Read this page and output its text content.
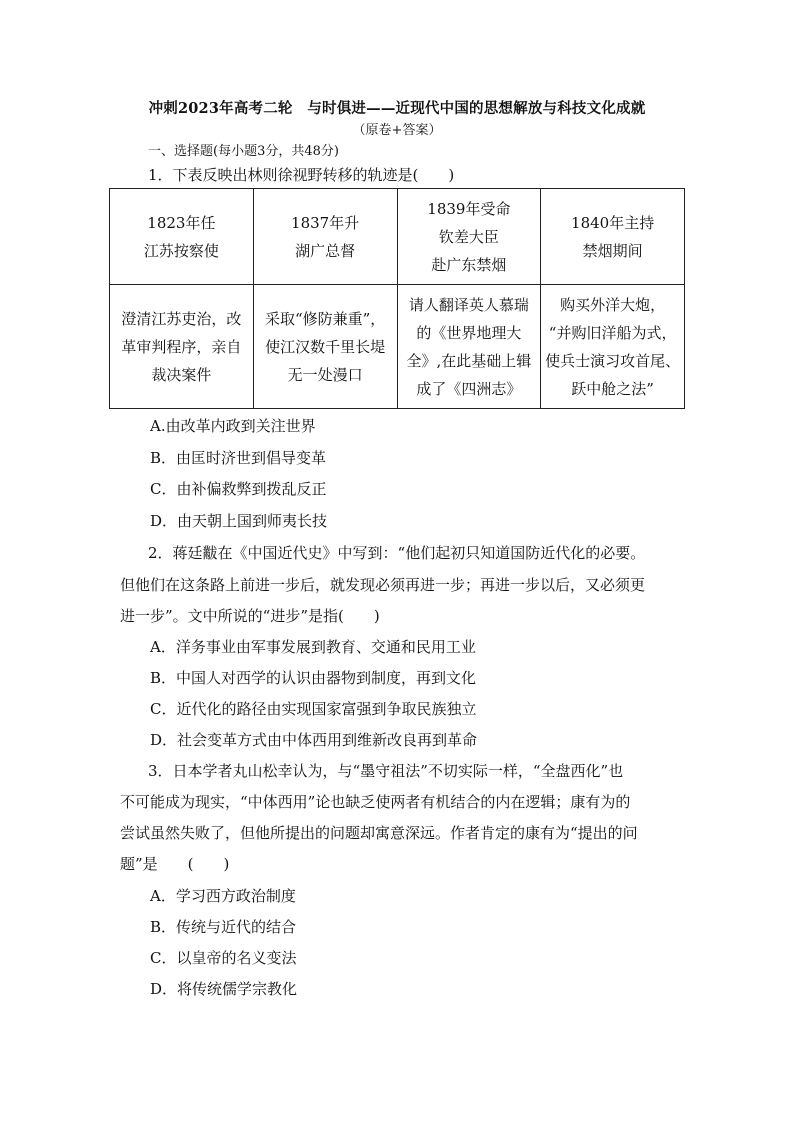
冲刺2023年高考二轮　与时俱进——近现代中国的思想解放与科技文化成就
（原卷+答案）
一、选择题(每小题3分，共48分)
1．下表反映出林则徐视野转移的轨迹是(　　)
1823年任
江苏按察使	1837年升
湖广总督	1839年受命
钦差大臣
赴广东禁烟	1840年主持
禁烟期间

澄清江苏吏治，改
革审判程序，亲自
裁决案件	采取“修防兼重”，
使江汉数千里长堤
无一处漫口	请人翻译英人慕瑞
的《世界地理大
全》,在此基础上辑
成了《四洲志》	购买外洋大炮，
“并购旧洋船为式，
使兵士演习攻首尾、
跃中舱之法”
A.由改革内政到关注世界
B．由匡时济世到倡导变革
C．由补偏救弊到拨乱反正
D．由天朝上国到师夷长技
2．蒋廷黻在《中国近代史》中写到：“他们起初只知道国防近代化的必要。
但他们在这条路上前进一步后，就发现必须再进一步；再进一步以后，又必须更
进一步”。文中所说的“进步”是指(　　)
A．洋务事业由军事发展到教育、交通和民用工业
B．中国人对西学的认识由器物到制度，再到文化
C．近代化的路径由实现国家富强到争取民族独立
D．社会变革方式由中体西用到维新改良再到革命
3．日本学者丸山松幸认为，与“墨守祖法”不切实际一样，“全盘西化”也
不可能成为现实，“中体西用”论也缺乏使两者有机结合的内在逻辑；康有为的
尝试虽然失败了，但他所提出的问题却寓意深远。作者肯定的康有为“提出的问
题”是　　(　　)
A．学习西方政治制度
B．传统与近代的结合
C．以皇帝的名义变法
D．将传统儒学宗教化
